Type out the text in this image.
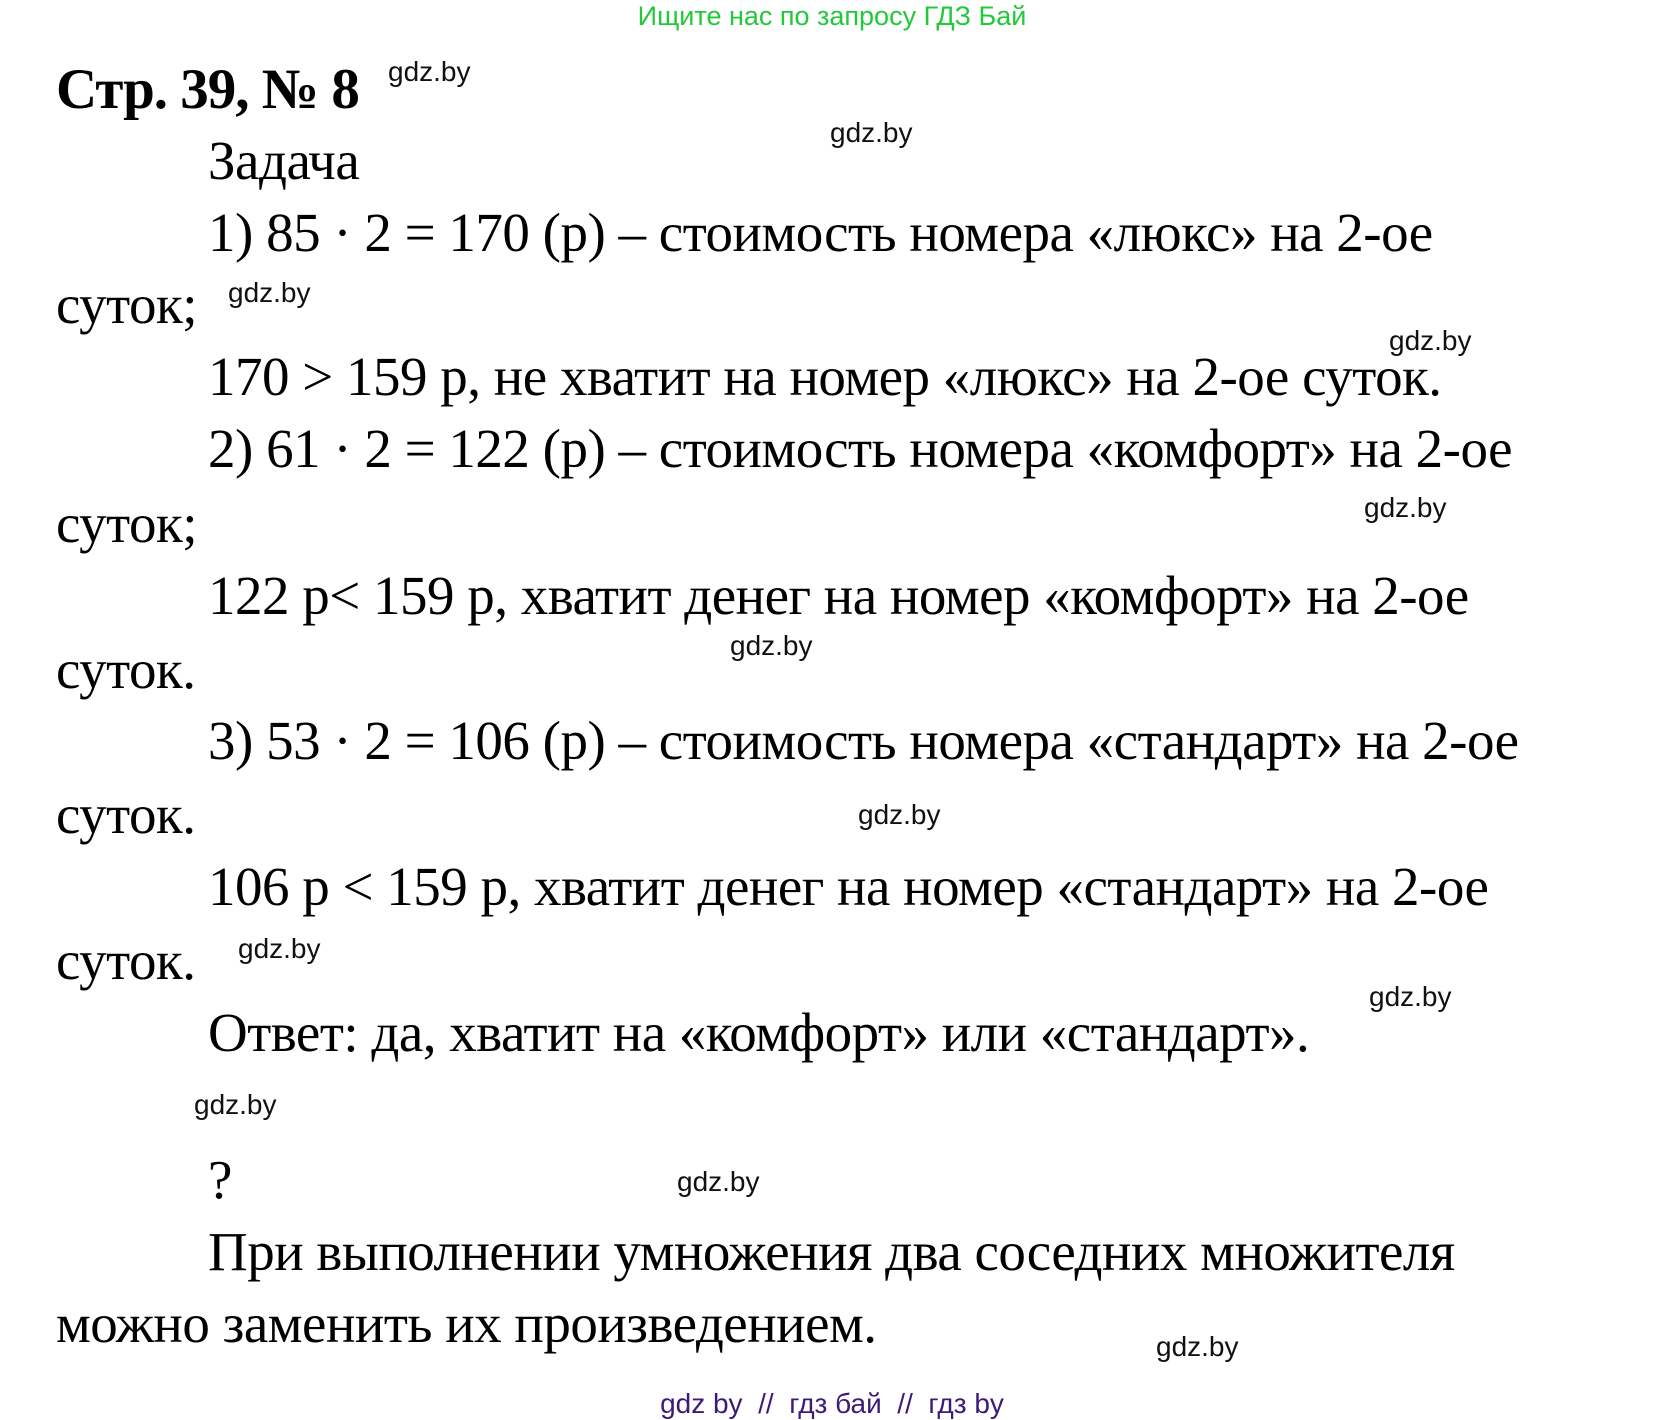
Ищите нас по запросу ГДЗ Бай
Стр. 39, № 8 gdz.by
Задача	gdz.by
1) 85 · 2 = 170 (р) – стоимость номера «люкс» на 2-ое
суток; gdz.by
gdz.by
170 > 159 р, не хватит на номер «люкс» на 2-ое суток.
2) 61 · 2 = 122 (р) – стоимость номера «комфорт» на 2-ое
суток;	gdz.by
122 р< 159 р, хватит денег на номер «комфорт» на 2-ое
gdz.by
суток.
3) 53 · 2 = 106 (р) – стоимость номера «стандарт» на 2-ое
суток.	gdz.by
106 р < 159 р, хватит денег на номер «стандарт» на 2-ое
суток. gdz.by
gdz.by
Ответ: да, хватит на «комфорт» или «стандарт».
gdz.by
?	gdz.by
При выполнении умножения два соседних множителя
можно заменить их произведением.	gdz.by
gdz by  //  гдз бай  //  гдз by
